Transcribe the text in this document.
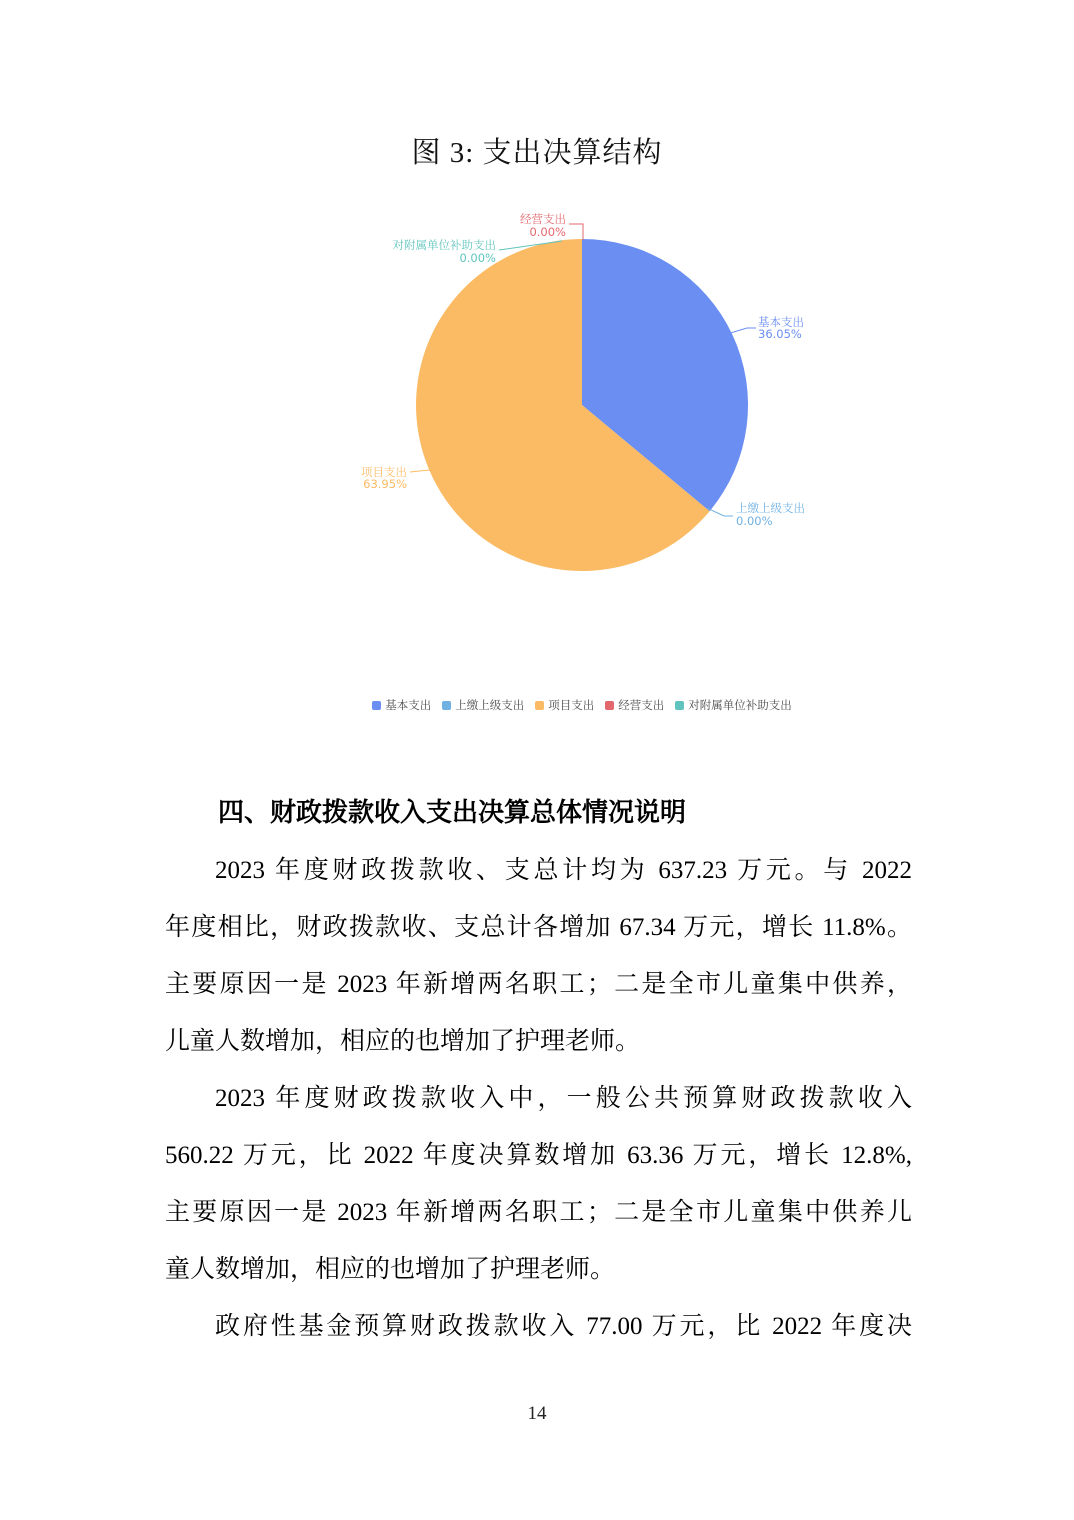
图 3: 支出决算结构
基本支出
36.05%
上缴上级支出
0.00%
项目支出
63.95%
经营支出
0.00%
对附属单位补助支出
0.00%
基本支出 上缴上级支出 项目支出 经营支出 对附属单位补助支出
四、财政拨款收入支出决算总体情况说明
2023 年度财政拨款收、支总计均为 637.23 万元。与 2022
年度相比，财政拨款收、支总计各增加 67.34 万元，增长 11.8%。
主要原因一是 2023 年新增两名职工；二是全市儿童集中供养，
儿童人数增加，相应的也增加了护理老师。
2023 年度财政拨款收入中，一般公共预算财政拨款收入
560.22 万元，比 2022 年度决算数增加 63.36 万元，增长 12.8%,
主要原因一是 2023 年新增两名职工；二是全市儿童集中供养儿
童人数增加，相应的也增加了护理老师。
政府性基金预算财政拨款收入 77.00 万元，比 2022 年度决
14
